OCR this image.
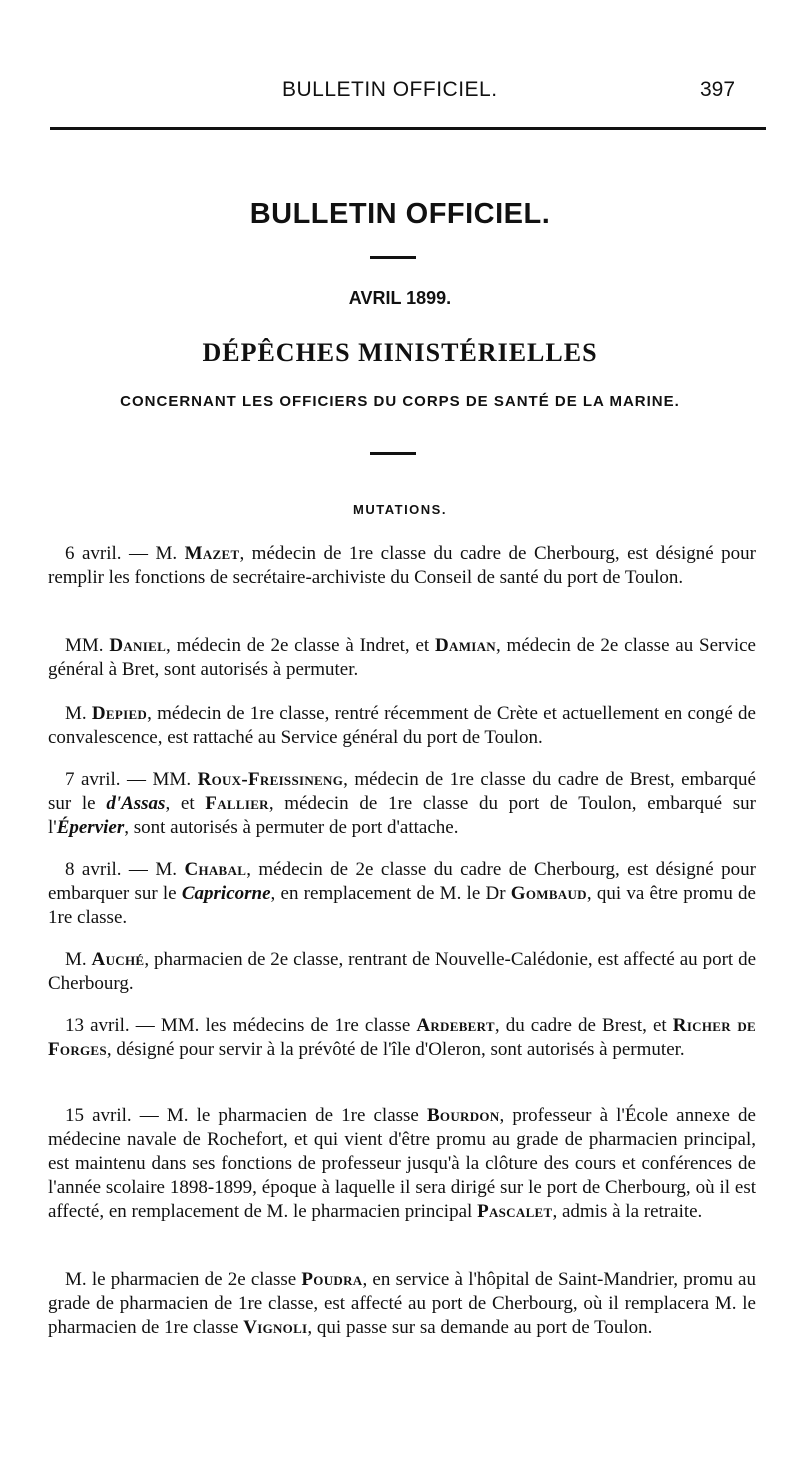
BULLETIN OFFICIEL.	397
BULLETIN OFFICIEL.
AVRIL 1899.
DÉPÊCHES MINISTÉRIELLES
CONCERNANT LES OFFICIERS DU CORPS DE SANTÉ DE LA MARINE.
MUTATIONS.
6 avril. — M. Mazet, médecin de 1re classe du cadre de Cherbourg, est désigné pour remplir les fonctions de secrétaire-archiviste du Conseil de santé du port de Toulon.
MM. Daniel, médecin de 2e classe à Indret, et Damian, médecin de 2e classe au Service général à Bret, sont autorisés à permuter.
M. Depied, médecin de 1re classe, rentré récemment de Crète et actuellement en congé de convalescence, est rattaché au Service général du port de Toulon.
7 avril. — MM. Roux-Freissineng, médecin de 1re classe du cadre de Brest, embarqué sur le d'Assas, et Fallier, médecin de 1re classe du port de Toulon, embarqué sur l'Épervier, sont autorisés à permuter de port d'attache.
8 avril. — M. Chabal, médecin de 2e classe du cadre de Cherbourg, est désigné pour embarquer sur le Capricorne, en remplacement de M. le Dr Gombaud, qui va être promu de 1re classe.
M. Auché, pharmacien de 2e classe, rentrant de Nouvelle-Calédonie, est affecté au port de Cherbourg.
13 avril. — MM. les médecins de 1re classe Ardebert, du cadre de Brest, et Richer de Forges, désigné pour servir à la prévôté de l'île d'Oleron, sont autorisés à permuter.
15 avril. — M. le pharmacien de 1re classe Bourdon, professeur à l'École annexe de médecine navale de Rochefort, et qui vient d'être promu au grade de pharmacien principal, est maintenu dans ses fonctions de professeur jusqu'à la clôture des cours et conférences de l'année scolaire 1898-1899, époque à laquelle il sera dirigé sur le port de Cherbourg, où il est affecté, en remplacement de M. le pharmacien principal Pascalet, admis à la retraite.
M. le pharmacien de 2e classe Poudra, en service à l'hôpital de Saint-Mandrier, promu au grade de pharmacien de 1re classe, est affecté au port de Cherbourg, où il remplacera M. le pharmacien de 1re classe Vignoli, qui passe sur sa demande au port de Toulon.
